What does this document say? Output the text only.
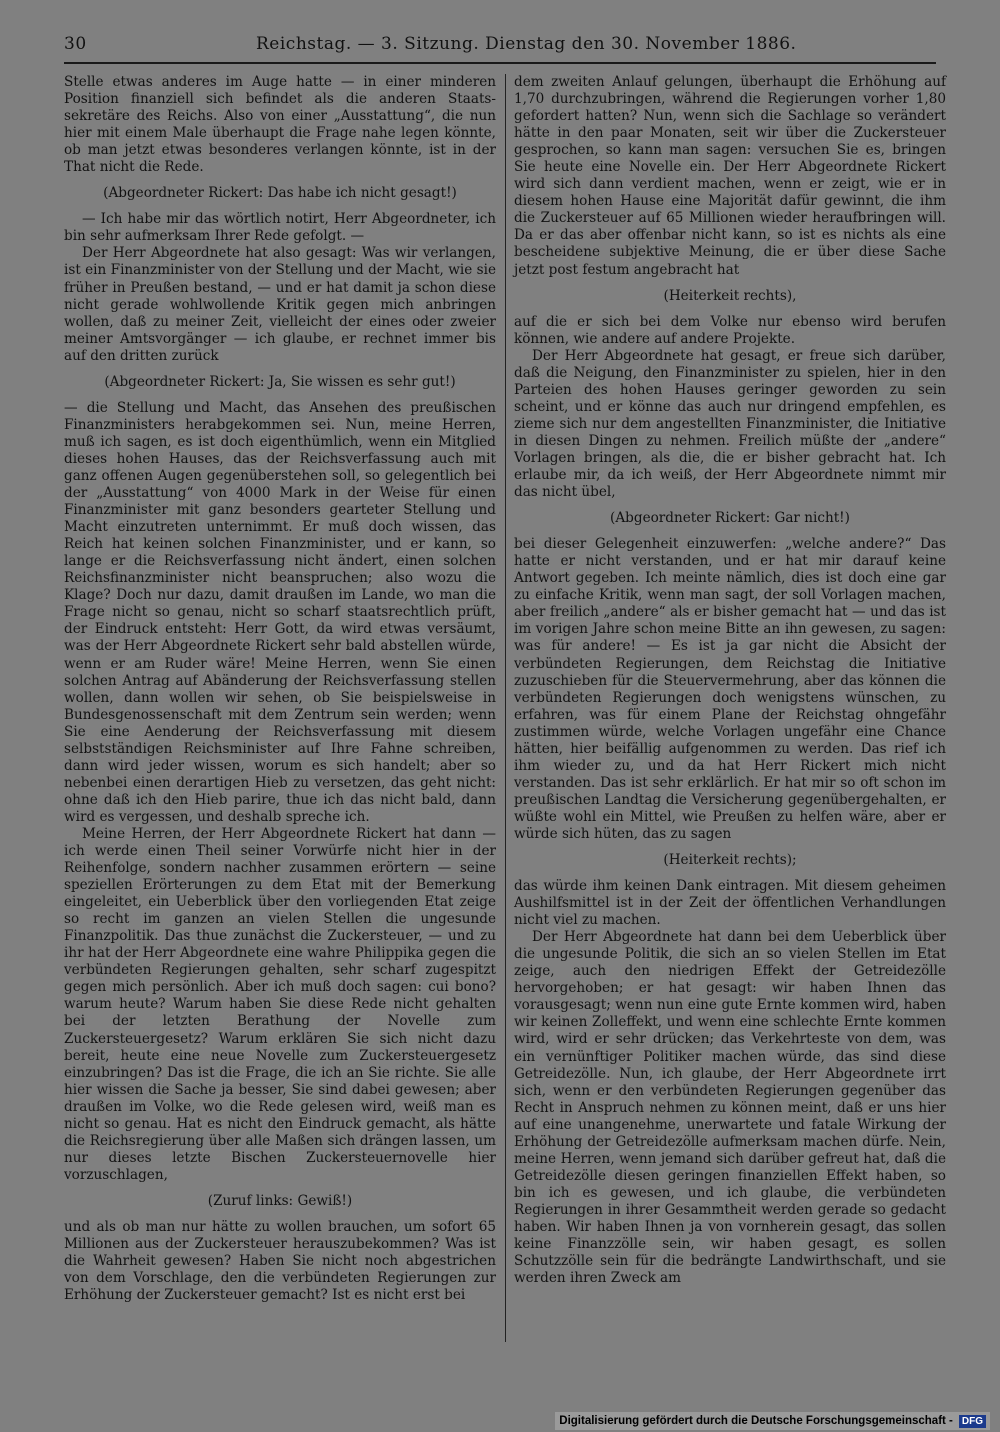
30	Reichstag. — 3. Sitzung. Dienstag den 30. November 1886.

Stelle etwas anderes im Auge hatte — in einer minderen Position finanziell sich befindet als die anderen Staats-sekretäre des Reichs. Also von einer „Ausstattung“, die nun hier mit einem Male überhaupt die Frage nahe legen könnte, ob man jetzt etwas besonderes verlangen könnte, ist in der That nicht die Rede.

(Abgeordneter Rickert: Das habe ich nicht gesagt!)

— Ich habe mir das wörtlich notirt, Herr Abgeordneter, ich bin sehr aufmerksam Ihrer Rede gefolgt. —

Der Herr Abgeordnete hat also gesagt: Was wir verlangen, ist ein Finanzminister von der Stellung und der Macht, wie sie früher in Preußen bestand, — und er hat damit ja schon diese nicht gerade wohlwollende Kritik gegen mich anbringen wollen, daß zu meiner Zeit, vielleicht der eines oder zweier meiner Amtsvorgänger — ich glaube, er rechnet immer bis auf den dritten zurück

(Abgeordneter Rickert: Ja, Sie wissen es sehr gut!)

— die Stellung und Macht, das Ansehen des preußischen Finanzministers herabgekommen sei. Nun, meine Herren, muß ich sagen, es ist doch eigenthümlich, wenn ein Mitglied dieses hohen Hauses, das der Reichsverfassung auch mit ganz offenen Augen gegenüberstehen soll, so gelegentlich bei der „Ausstattung“ von 4000 Mark in der Weise für einen Finanzminister mit ganz besonders gearteter Stellung und Macht einzutreten unternimmt. Er muß doch wissen, das Reich hat keinen solchen Finanzminister, und er kann, so lange er die Reichsverfassung nicht ändert, einen solchen Reichsfinanzminister nicht beanspruchen; also wozu die Klage? Doch nur dazu, damit draußen im Lande, wo man die Frage nicht so genau, nicht so scharf staatsrechtlich prüft, der Eindruck entsteht: Herr Gott, da wird etwas versäumt, was der Herr Abgeordnete Rickert sehr bald abstellen würde, wenn er am Ruder wäre! Meine Herren, wenn Sie einen solchen Antrag auf Abänderung der Reichsverfassung stellen wollen, dann wollen wir sehen, ob Sie beispielsweise in Bundesgenossenschaft mit dem Zentrum sein werden; wenn Sie eine Aenderung der Reichsverfassung mit diesem selbstständigen Reichsminister auf Ihre Fahne schreiben, dann wird jeder wissen, worum es sich handelt; aber so nebenbei einen derartigen Hieb zu versetzen, das geht nicht: ohne daß ich den Hieb parire, thue ich das nicht bald, dann wird es vergessen, und deshalb spreche ich.

Meine Herren, der Herr Abgeordnete Rickert hat dann — ich werde einen Theil seiner Vorwürfe nicht hier in der Reihenfolge, sondern nachher zusammen erörtern — seine speziellen Erörterungen zu dem Etat mit der Bemerkung eingeleitet, ein Ueberblick über den vorliegenden Etat zeige so recht im ganzen an vielen Stellen die ungesunde Finanzpolitik. Das thue zunächst die Zuckersteuer, — und zu ihr hat der Herr Abgeordnete eine wahre Philippika gegen die verbündeten Regierungen gehalten, sehr scharf zugespitzt gegen mich persönlich. Aber ich muß doch sagen: cui bono? warum heute? Warum haben Sie diese Rede nicht gehalten bei der letzten Berathung der Novelle zum Zuckersteuergesetz? Warum erklären Sie sich nicht dazu bereit, heute eine neue Novelle zum Zuckersteuergesetz einzubringen? Das ist die Frage, die ich an Sie richte. Sie alle hier wissen die Sache ja besser, Sie sind dabei gewesen; aber draußen im Volke, wo die Rede gelesen wird, weiß man es nicht so genau. Hat es nicht den Eindruck gemacht, als hätte die Reichsregierung über alle Maßen sich drängen lassen, um nur dieses letzte Bischen Zuckersteuernovelle hier vorzuschlagen,

(Zuruf links: Gewiß!)

und als ob man nur hätte zu wollen brauchen, um sofort 65 Millionen aus der Zuckersteuer herauszubekommen? Was ist die Wahrheit gewesen? Haben Sie nicht noch abgestrichen von dem Vorschlage, den die verbündeten Regierungen zur Erhöhung der Zuckersteuer gemacht? Ist es nicht erst bei

dem zweiten Anlauf gelungen, überhaupt die Erhöhung auf 1,70 durchzubringen, während die Regierungen vorher 1,80 gefordert hatten? Nun, wenn sich die Sachlage so verändert hätte in den paar Monaten, seit wir über die Zuckersteuer gesprochen, so kann man sagen: versuchen Sie es, bringen Sie heute eine Novelle ein. Der Herr Abgeordnete Rickert wird sich dann verdient machen, wenn er zeigt, wie er in diesem hohen Hause eine Majorität dafür gewinnt, die ihm die Zuckersteuer auf 65 Millionen wieder heraufbringen will. Da er das aber offenbar nicht kann, so ist es nichts als eine bescheidene subjektive Meinung, die er über diese Sache jetzt post festum angebracht hat

(Heiterkeit rechts),

auf die er sich bei dem Volke nur ebenso wird berufen können, wie andere auf andere Projekte.

Der Herr Abgeordnete hat gesagt, er freue sich darüber, daß die Neigung, den Finanzminister zu spielen, hier in den Parteien des hohen Hauses geringer geworden zu sein scheint, und er könne das auch nur dringend empfehlen, es zieme sich nur dem angestellten Finanzminister, die Initiative in diesen Dingen zu nehmen. Freilich müßte der „andere“ Vorlagen bringen, als die, die er bisher gebracht hat. Ich erlaube mir, da ich weiß, der Herr Abgeordnete nimmt mir das nicht übel,

(Abgeordneter Rickert: Gar nicht!)

bei dieser Gelegenheit einzuwerfen: „welche andere?“ Das hatte er nicht verstanden, und er hat mir darauf keine Antwort gegeben. Ich meinte nämlich, dies ist doch eine gar zu einfache Kritik, wenn man sagt, der soll Vorlagen machen, aber freilich „andere“ als er bisher gemacht hat — und das ist im vorigen Jahre schon meine Bitte an ihn gewesen, zu sagen: was für andere! — Es ist ja gar nicht die Absicht der verbündeten Regierungen, dem Reichstag die Initiative zuzuschieben für die Steuervermehrung, aber das können die verbündeten Regierungen doch wenigstens wünschen, zu erfahren, was für einem Plane der Reichstag ohngefähr zustimmen würde, welche Vorlagen ungefähr eine Chance hätten, hier beifällig aufgenommen zu werden. Das rief ich ihm wieder zu, und da hat Herr Rickert mich nicht verstanden. Das ist sehr erklärlich. Er hat mir so oft schon im preußischen Landtag die Versicherung gegenübergehalten, er wüßte wohl ein Mittel, wie Preußen zu helfen wäre, aber er würde sich hüten, das zu sagen

(Heiterkeit rechts);

das würde ihm keinen Dank eintragen. Mit diesem geheimen Aushilfsmittel ist in der Zeit der öffentlichen Verhandlungen nicht viel zu machen.

Der Herr Abgeordnete hat dann bei dem Ueberblick über die ungesunde Politik, die sich an so vielen Stellen im Etat zeige, auch den niedrigen Effekt der Getreidezölle hervorgehoben; er hat gesagt: wir haben Ihnen das vorausgesagt; wenn nun eine gute Ernte kommen wird, haben wir keinen Zolleffekt, und wenn eine schlechte Ernte kommen wird, wird er sehr drücken; das Verkehrteste von dem, was ein vernünftiger Politiker machen würde, das sind diese Getreidezölle. Nun, ich glaube, der Herr Abgeordnete irrt sich, wenn er den verbündeten Regierungen gegenüber das Recht in Anspruch nehmen zu können meint, daß er uns hier auf eine unangenehme, unerwartete und fatale Wirkung der Erhöhung der Getreidezölle aufmerksam machen dürfe. Nein, meine Herren, wenn jemand sich darüber gefreut hat, daß die Getreidezölle diesen geringen finanziellen Effekt haben, so bin ich es gewesen, und ich glaube, die verbündeten Regierungen in ihrer Gesammtheit werden gerade so gedacht haben. Wir haben Ihnen ja von vornherein gesagt, das sollen keine Finanzzölle sein, wir haben gesagt, es sollen Schutzzölle sein für die bedrängte Landwirthschaft, und sie werden ihren Zweck am

Digitalisierung gefördert durch die Deutsche Forschungsgemeinschaft - DFG
